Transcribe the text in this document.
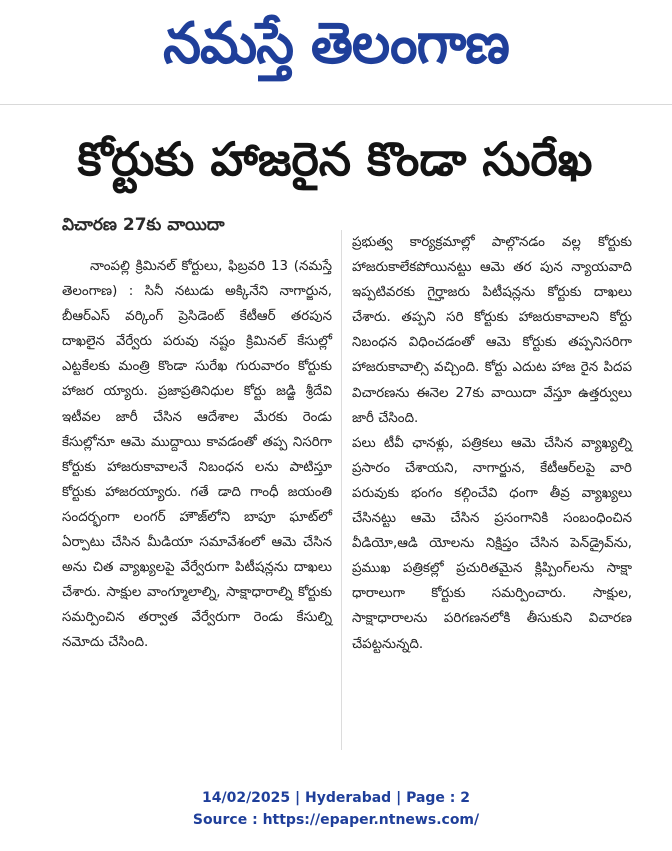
నమస్తే తెలంగాణ
కోర్టుకు హాజరైన కొండా సురేఖ
విచారణ 27కు వాయిదా

నాంపల్లి క్రిమినల్ కోర్టులు, ఫిబ్రవరి 13 (నమస్తే తెలంగాణ) : సినీ నటుడు అక్కినేని నాగార్జున, బీఆర్ఎస్ వర్కింగ్ ప్రెసిడెంట్ కేటీఆర్ తరపున దాఖలైన వేర్వేరు పరువు నష్టం క్రిమినల్ కేసుల్లో ఎట్టకేలకు మంత్రి కొండా సురేఖ గురువారం కోర్టుకు హాజర య్యారు. ప్రజాప్రతినిధుల కోర్టు జడ్జి శ్రీదేవి ఇటీవల జారీ చేసిన ఆదేశాల మేరకు రెండు కేసుల్లోనూ ఆమె ముద్దాయి కావడంతో తప్ప నిసరిగా కోర్టుకు హాజరుకావాలనే నిబంధన లను పాటిస్తూ కోర్టుకు హాజరయ్యారు. గతే డాది గాంధీ జయంతి సందర్భంగా లంగర్ హౌజ్‌లోని బాపూ ఘాట్‌లో ఏర్పాటు చేసిన మీడియా సమావేశంలో ఆమె చేసిన అను చిత వ్యాఖ్యలపై వేర్వేరుగా పిటీషన్లను దాఖలు చేశారు. సాక్షుల వాంగ్మూలాల్ని, సాక్షాధారాల్ని కోర్టుకు సమర్పించిన తర్వాత వేర్వేరుగా రెండు కేసుల్ని నమోదు చేసింది.

ప్రభుత్వ కార్యక్రమాల్లో పాల్గొనడం వల్ల కోర్టుకు హాజరుకాలేకపోయినట్టు ఆమె తర పున న్యాయవాది ఇప్పటివరకు గైర్హాజరు పిటీషన్లను కోర్టుకు దాఖలు చేశారు. తప్పని సరి కోర్టుకు హాజరుకావాలని కోర్టు నిబంధన విధించడంతో ఆమె కోర్టుకు తప్పనిసరిగా హాజరుకావాల్సి వచ్చింది. కోర్టు ఎదుట హాజ రైన పిదప విచారణను ఈనెల 27కు వాయిదా వేస్తూ ఉత్తర్వులు జారీ చేసింది.

పలు టీవీ ఛానళ్లు, పత్రికలు ఆమె చేసిన వ్యాఖ్యల్ని ప్రసారం చేశాయని, నాగార్జున, కేటీఆర్‌లపై వారి పరువుకు భంగం కల్గించేవి ధంగా తీవ్ర వ్యాఖ్యలు చేసినట్టు ఆమె చేసిన ప్రసంగానికి సంబంధించిన వీడియో,ఆడి యోలను నిక్షిప్తం చేసిన పెన్‌డ్రైవ్‌ను, ప్రముఖ పత్రికల్లో ప్రచురితమైన క్లిప్పింగ్‌లను సాక్షా ధారాలుగా కోర్టుకు సమర్పించారు. సాక్షుల, సాక్షాధారాలను పరిగణనలోకి తీసుకుని విచారణ చేపట్టనున్నది.

14/02/2025 | Hyderabad | Page : 2
Source : https://epaper.ntnews.com/
